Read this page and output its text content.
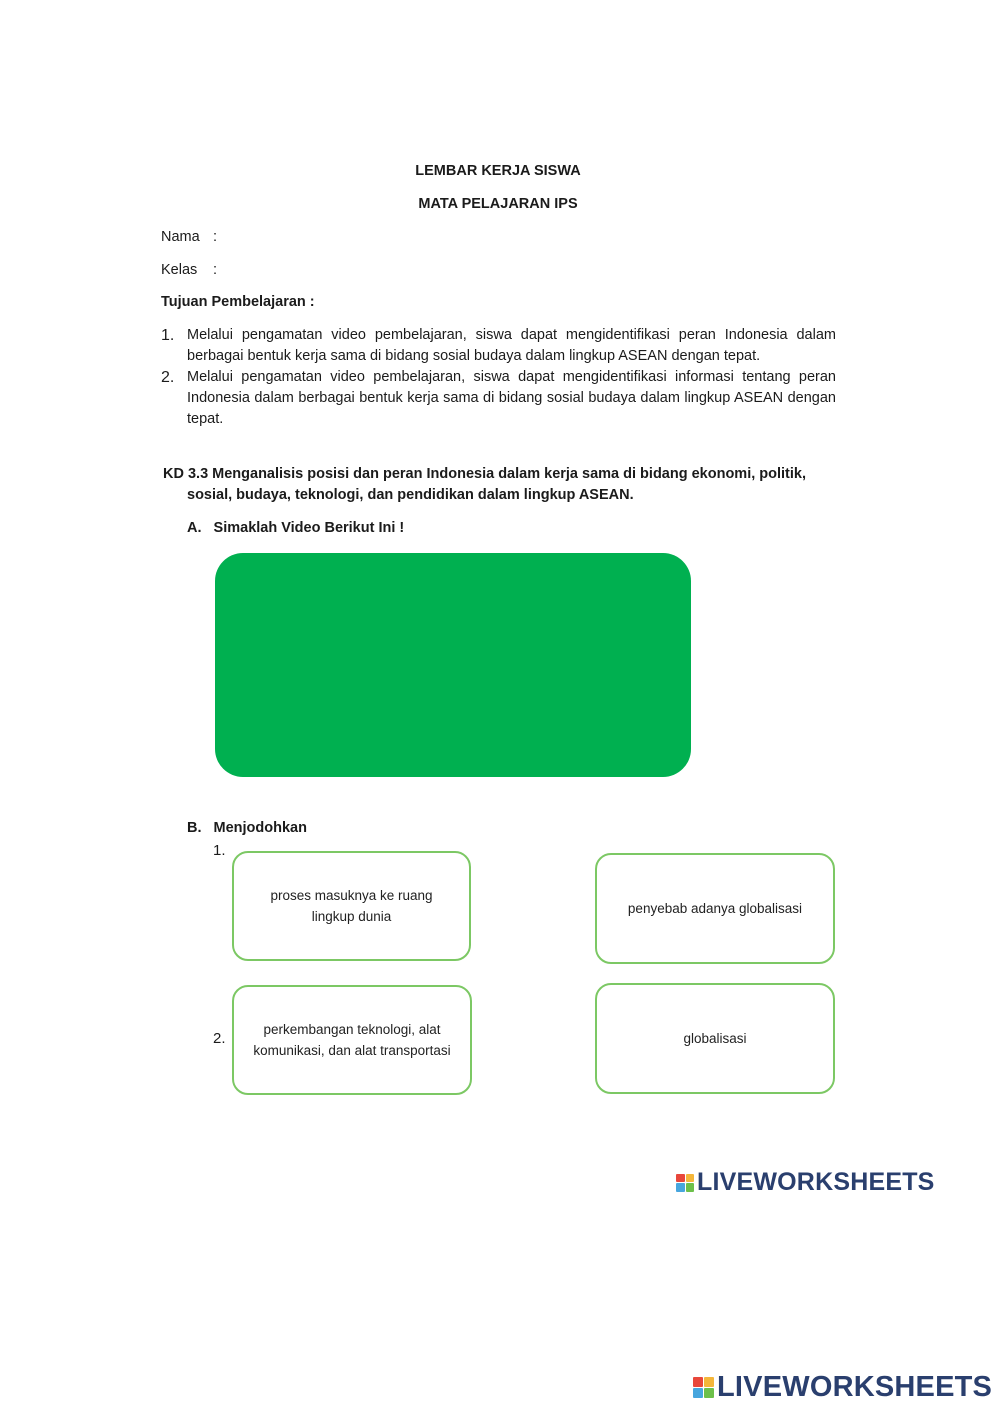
LEMBAR KERJA SISWA
MATA PELAJARAN IPS
Nama :
Kelas :
Tujuan Pembelajaran :
1. Melalui pengamatan video pembelajaran, siswa dapat mengidentifikasi peran Indonesia dalam berbagai bentuk kerja sama di bidang sosial budaya dalam lingkup ASEAN dengan tepat.
2. Melalui pengamatan video pembelajaran, siswa dapat mengidentifikasi informasi tentang peran Indonesia dalam berbagai bentuk kerja sama di bidang sosial budaya dalam lingkup ASEAN dengan tepat.
KD 3.3 Menganalisis posisi dan peran Indonesia dalam kerja sama di bidang ekonomi, politik,
sosial, budaya, teknologi, dan pendidikan dalam lingkup ASEAN.
A. Simaklah Video Berikut Ini !
B. Menjodohkan
1.
2.
proses masuknya ke ruang lingkup dunia
perkembangan teknologi, alat komunikasi, dan alat transportasi
penyebab adanya globalisasi
globalisasi
LIVEWORKSHEETS
LIVEWORKSHEETS
